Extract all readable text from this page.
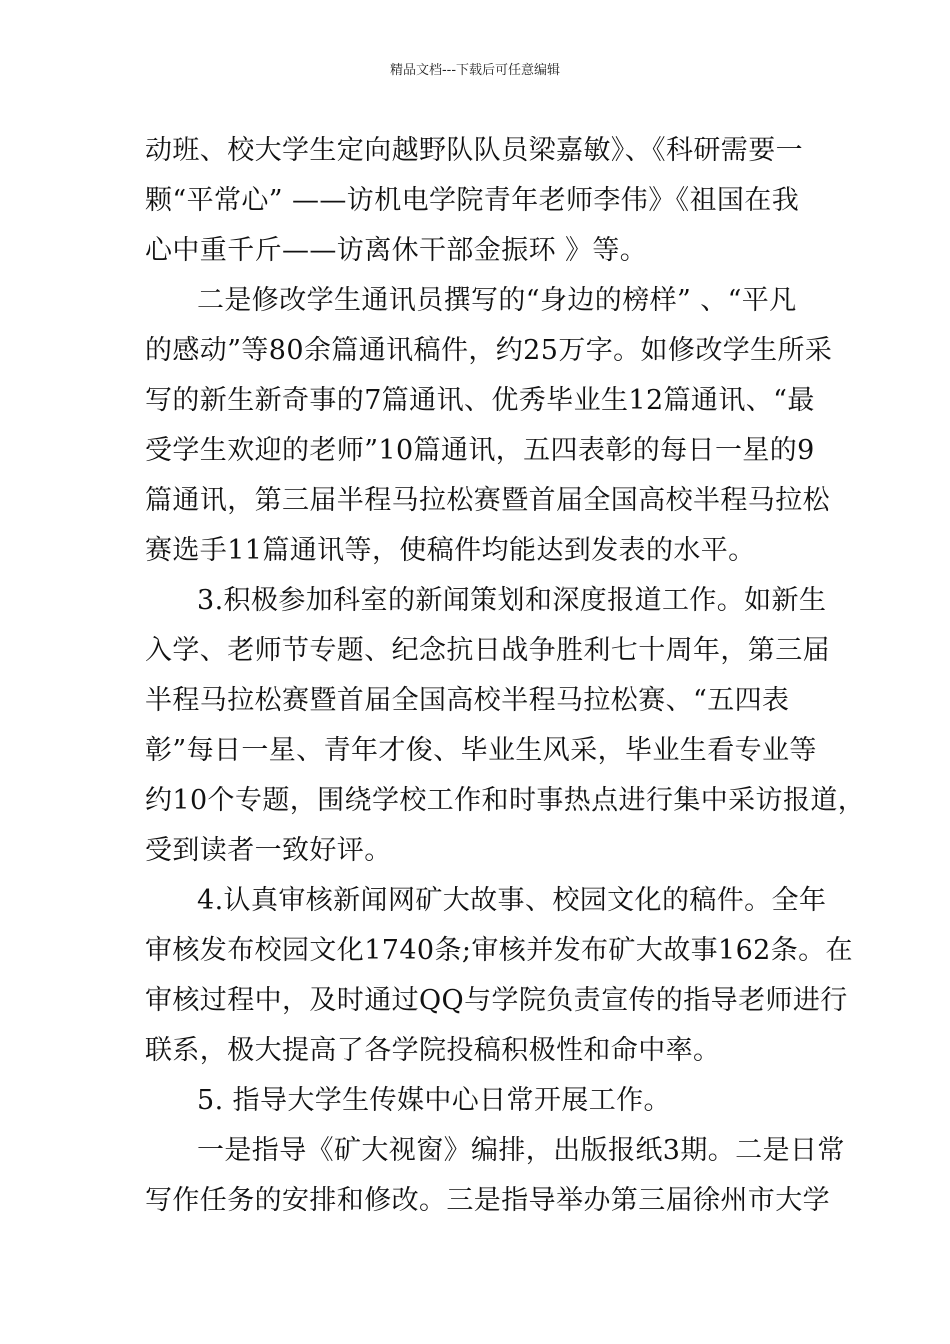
精品文档---下载后可任意编辑
动班、校大学生定向越野队队员梁嘉敏》、《科研需要一
颗“平常心” ——访机电学院青年老师李伟》《祖国在我
心中重千斤——访离休干部金振环 》等。
二是修改学生通讯员撰写的“身边的榜样” 、“平凡
的感动”等80余篇通讯稿件，约25万字。如修改学生所采
写的新生新奇事的7篇通讯、优秀毕业生12篇通讯、“最
受学生欢迎的老师”10篇通讯，五四表彰的每日一星的9
篇通讯，第三届半程马拉松赛暨首届全国高校半程马拉松
赛选手11篇通讯等，使稿件均能达到发表的水平。
3.积极参加科室的新闻策划和深度报道工作。如新生
入学、老师节专题、纪念抗日战争胜利七十周年，第三届
半程马拉松赛暨首届全国高校半程马拉松赛、“五四表
彰”每日一星、青年才俊、毕业生风采，毕业生看专业等
约10个专题，围绕学校工作和时事热点进行集中采访报道，
受到读者一致好评。
4.认真审核新闻网矿大故事、校园文化的稿件。全年
审核发布校园文化1740条;审核并发布矿大故事162条。在
审核过程中，及时通过QQ与学院负责宣传的指导老师进行
联系，极大提高了各学院投稿积极性和命中率。
5. 指导大学生传媒中心日常开展工作。
一是指导《矿大视窗》编排，出版报纸3期。二是日常
写作任务的安排和修改。三是指导举办第三届徐州市大学
